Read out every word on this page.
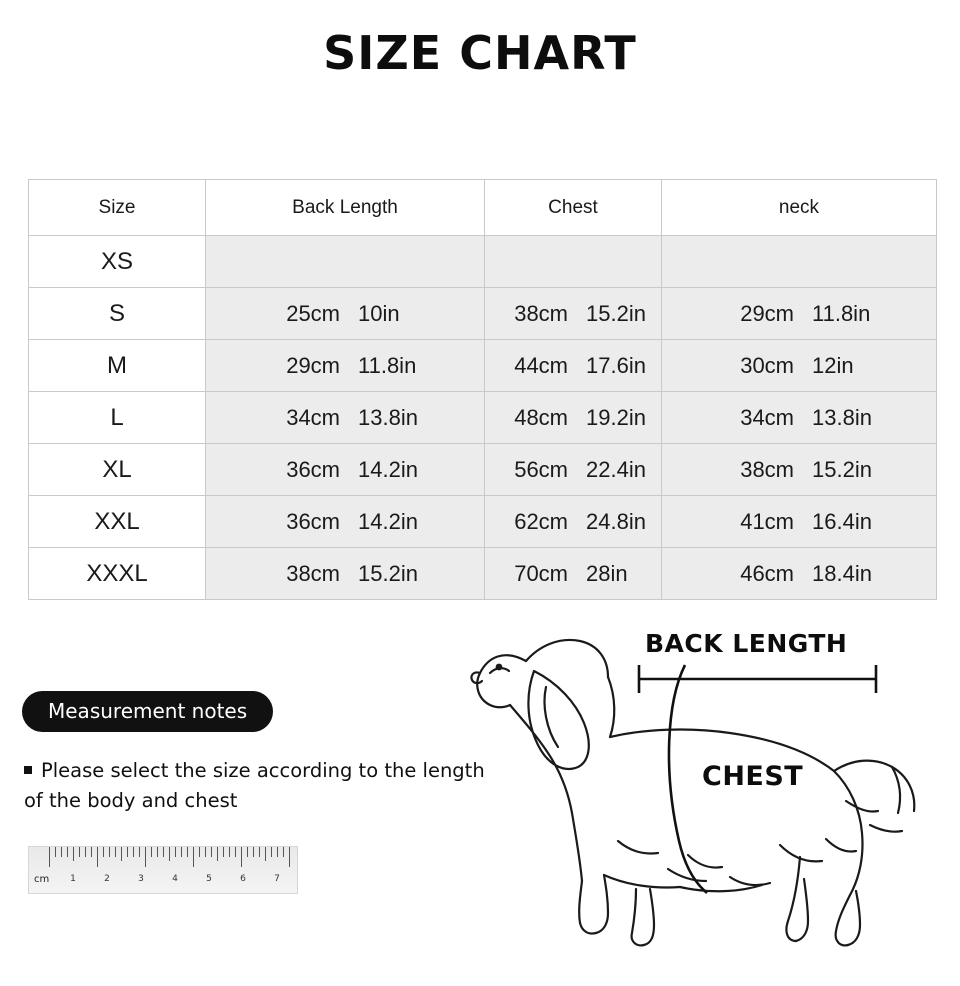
SIZE CHART
Size	Back Length	Chest	neck
XS	

S	25cm 10in	38cm 15.2in	29cm 11.8in

M	29cm 11.8in	44cm 17.6in	30cm 12in

L	34cm 13.8in	48cm 19.2in	34cm 13.8in

XL	36cm 14.2in	56cm 22.4in	38cm 15.2in

XXL	36cm 14.2in	62cm 24.8in	41cm 16.4in

XXXL	38cm 15.2in	70cm 28in	46cm 18.4in
Measurement notes
Please select the size according to the length
of the body and chest
cm 1	2	3	4	5	6	7
BACK LENGTH
CHEST
